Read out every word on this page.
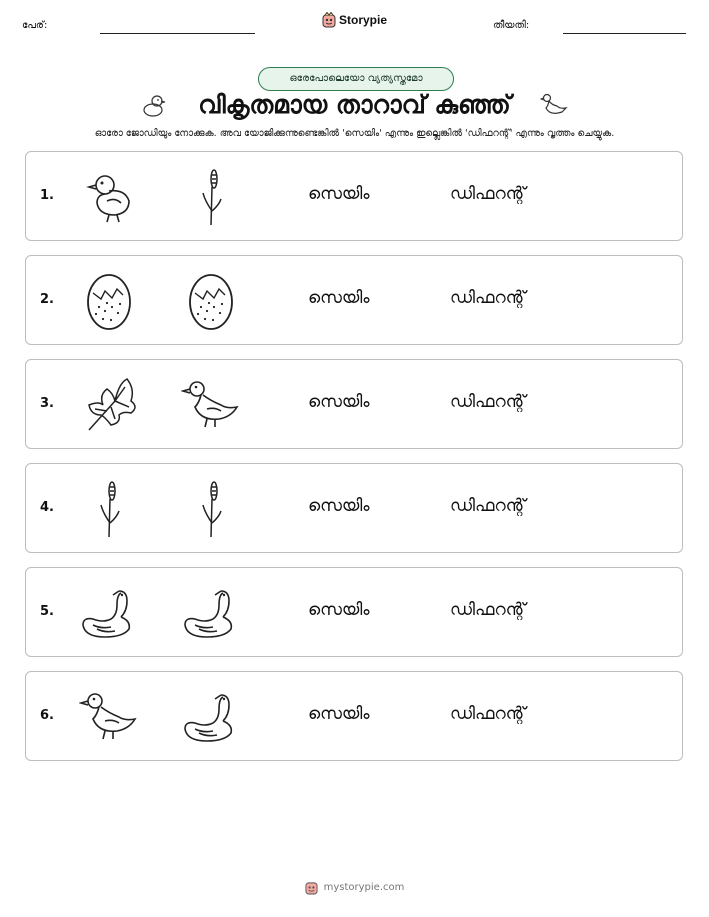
പേര്:	Storypie	തീയതി:
ഒരേപോലെയോ വ്യത്യസ്തമോ
വികൃതമായ താറാവ് കുഞ്ഞ്
ഓരോ ജോഡിയും നോക്കുക. അവ യോജിക്കുന്നുണ്ടെങ്കിൽ 'സെയിം' എന്നും ഇല്ലെങ്കിൽ 'ഡിഫറന്റ്' എന്നും വൃത്തം ചെയ്യുക.
1.	സെയിം	ഡിഫറന്റ്
2.	സെയിം	ഡിഫറന്റ്
3.	സെയിം	ഡിഫറന്റ്
4.	സെയിം	ഡിഫറന്റ്
5.	സെയിം	ഡിഫറന്റ്
6.	സെയിം	ഡിഫറന്റ്
mystorypie.com
